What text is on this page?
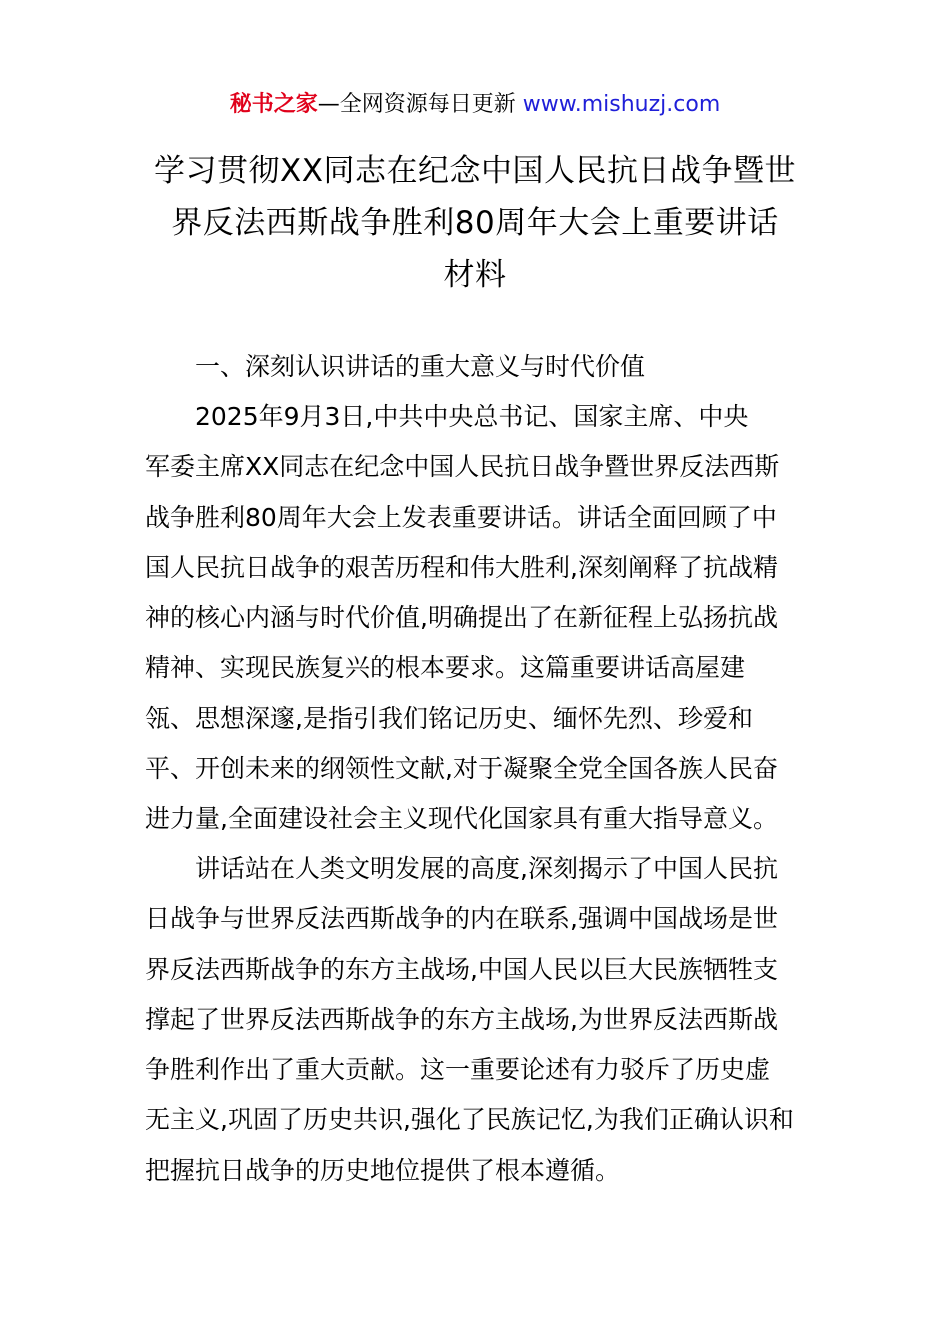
秘书之家—全网资源每日更新 www.mishuzj.com
学习贯彻XX同志在纪念中国人民抗日战争暨世
界反法西斯战争胜利80周年大会上重要讲话
材料
一、深刻认识讲话的重大意义与时代价值
2025年9月3日,中共中央总书记、国家主席、中央
军委主席XX同志在纪念中国人民抗日战争暨世界反法西斯
战争胜利80周年大会上发表重要讲话。讲话全面回顾了中
国人民抗日战争的艰苦历程和伟大胜利,深刻阐释了抗战精
神的核心内涵与时代价值,明确提出了在新征程上弘扬抗战
精神、实现民族复兴的根本要求。这篇重要讲话高屋建
瓴、思想深邃,是指引我们铭记历史、缅怀先烈、珍爱和
平、开创未来的纲领性文献,对于凝聚全党全国各族人民奋
进力量,全面建设社会主义现代化国家具有重大指导意义。
讲话站在人类文明发展的高度,深刻揭示了中国人民抗
日战争与世界反法西斯战争的内在联系,强调中国战场是世
界反法西斯战争的东方主战场,中国人民以巨大民族牺牲支
撑起了世界反法西斯战争的东方主战场,为世界反法西斯战
争胜利作出了重大贡献。这一重要论述有力驳斥了历史虚
无主义,巩固了历史共识,强化了民族记忆,为我们正确认识和
把握抗日战争的历史地位提供了根本遵循。
